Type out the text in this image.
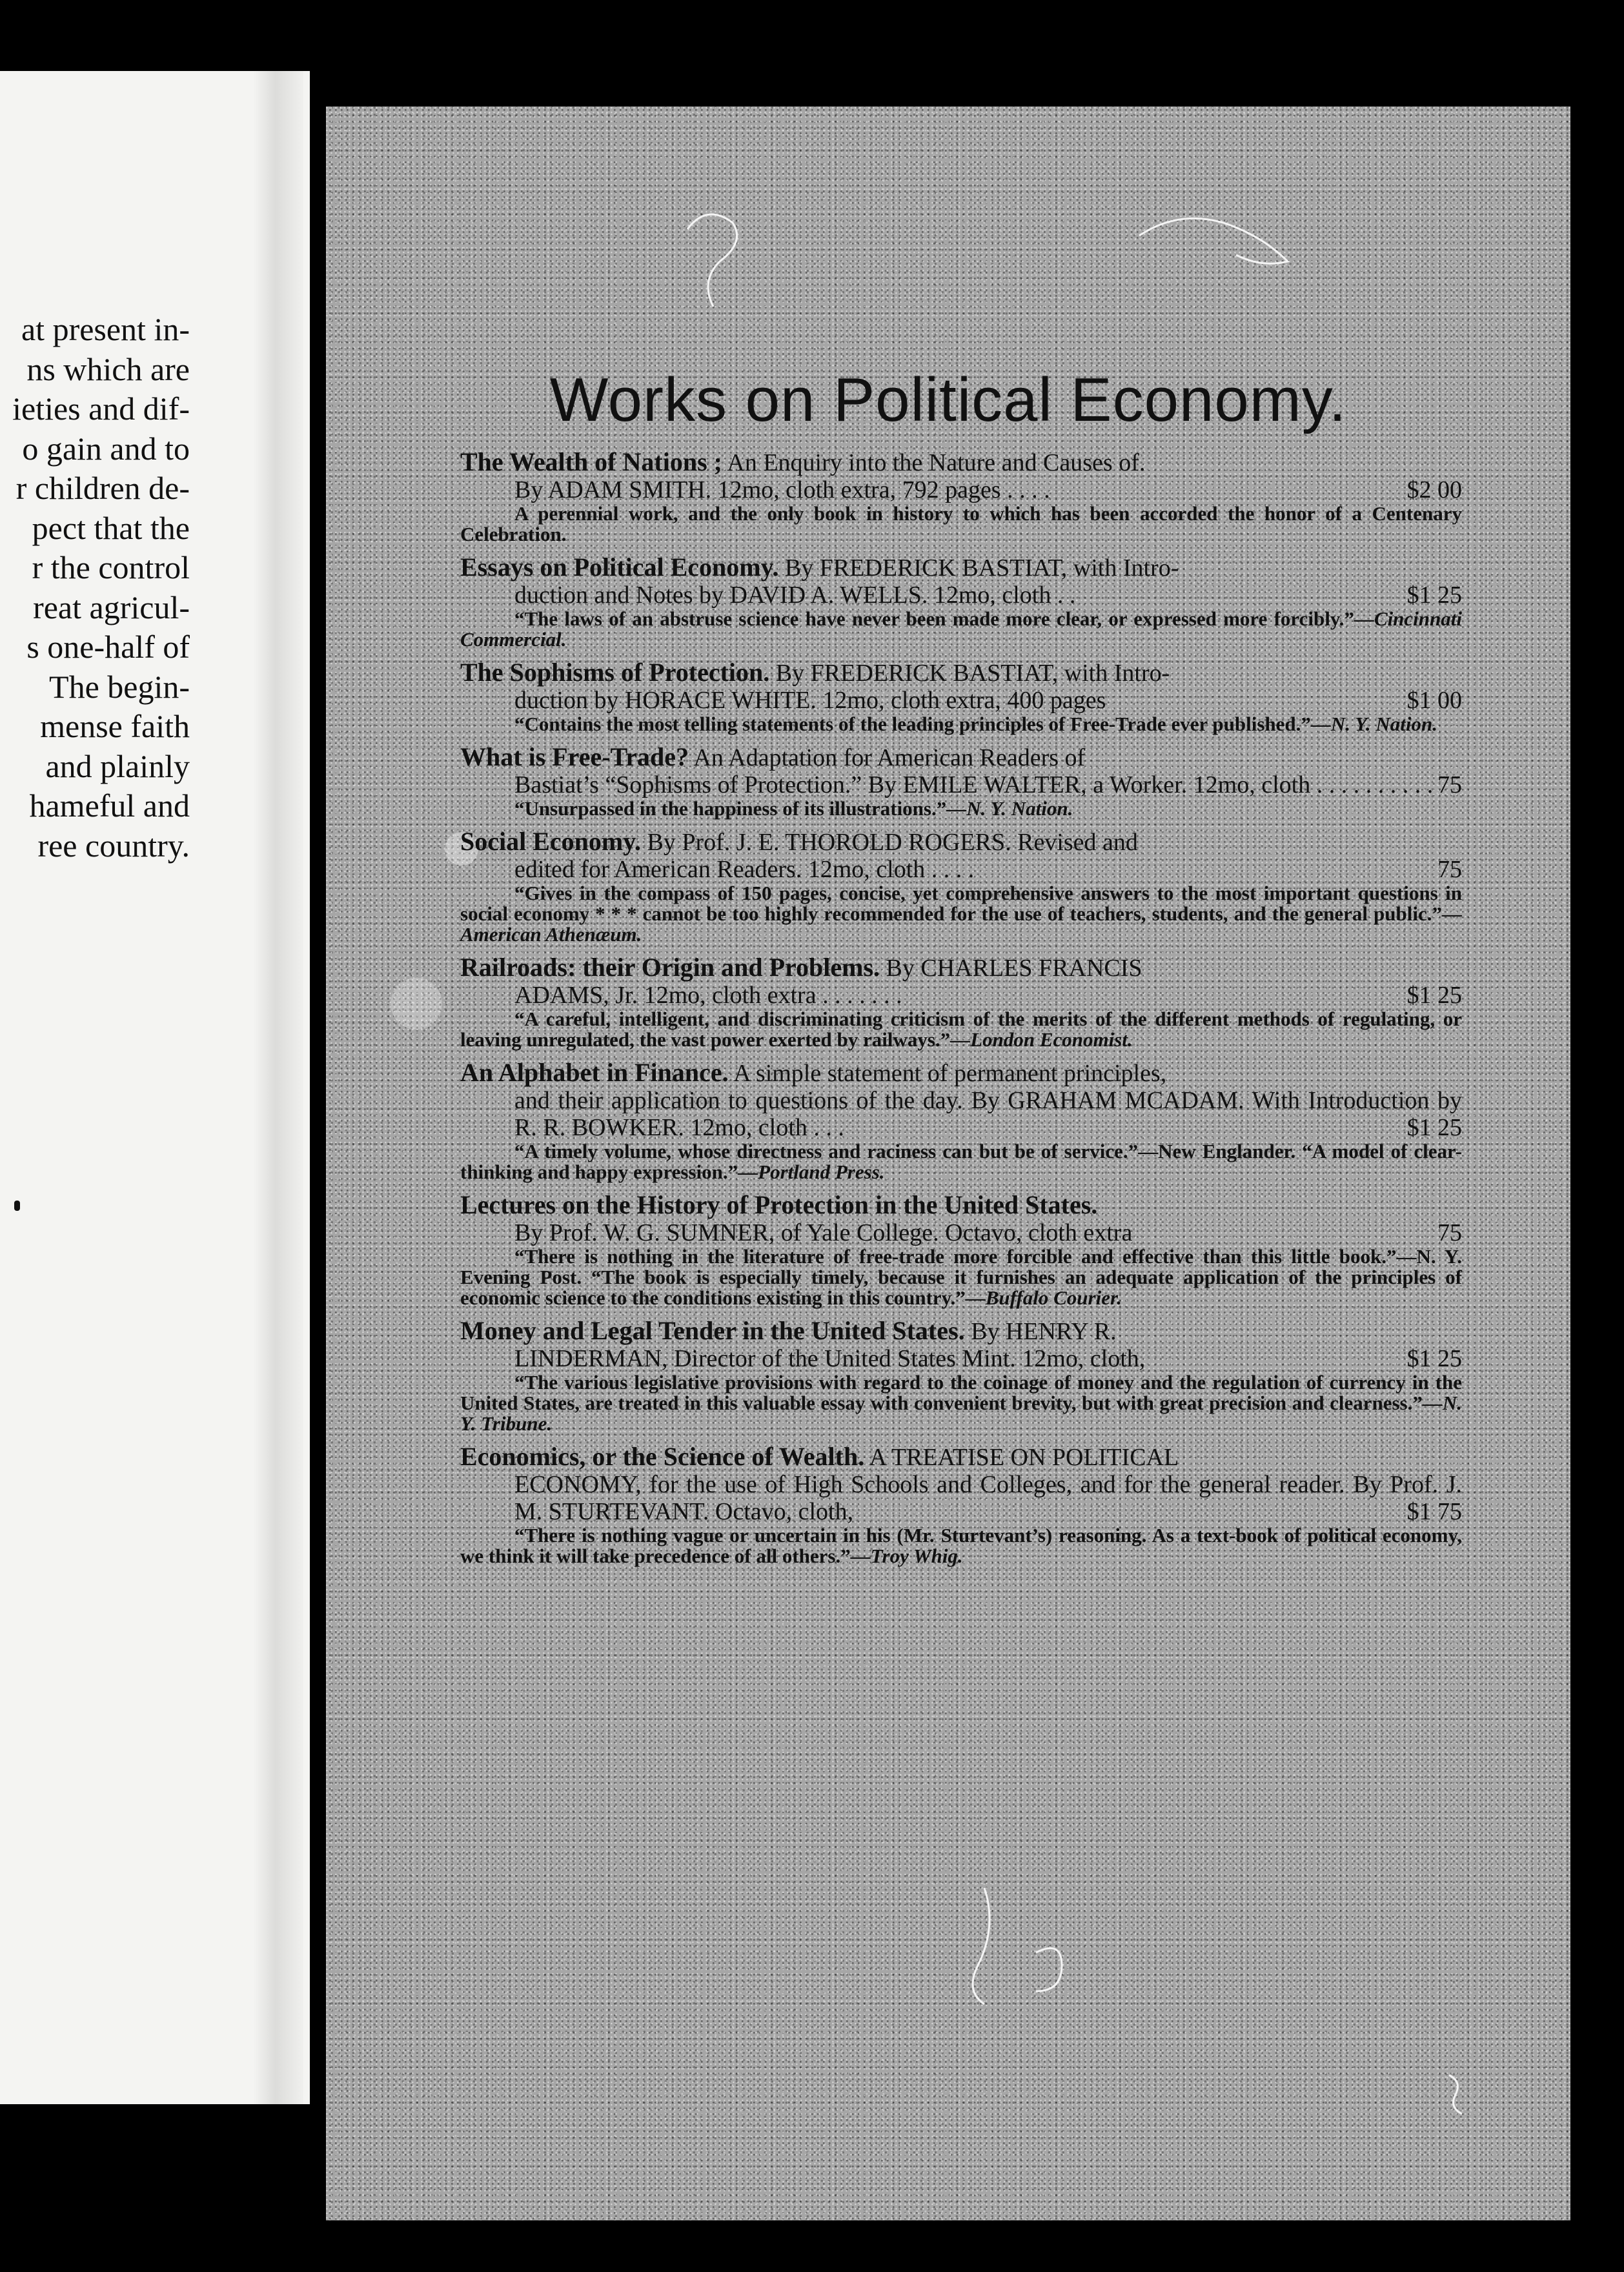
at present in-
ns which are
ieties and dif-
o gain and to
r children de-
pect that the
r the control
reat agricul-
s one-half of
The begin-
mense faith
and plainly
hameful and
ree country.
Works on Political Economy.
The Wealth of Nations ; An Enquiry into the Nature and Causes of.
By ADAM SMITH. 12mo, cloth extra, 792 pages . . . .	$2 00
A perennial work, and the only book in history to which has been accorded the honor of a Centenary Celebration.
Essays on Political Economy. By FREDERICK BASTIAT, with Intro-
duction and Notes by DAVID A. WELLS. 12mo, cloth . .	$1 25
“The laws of an abstruse science have never been made more clear, or expressed more forcibly.”—Cincinnati Commercial.
The Sophisms of Protection. By FREDERICK BASTIAT, with Intro-
duction by HORACE WHITE. 12mo, cloth extra, 400 pages	$1 00
“Contains the most telling statements of the leading principles of Free-Trade ever published.”—N. Y. Nation.
What is Free-Trade? An Adaptation for American Readers of
Bastiat’s “Sophisms of Protection.” By EMILE WALTER, a Worker. 12mo, cloth . . . . . . . . . . 75
“Unsurpassed in the happiness of its illustrations.”—N. Y. Nation.
Social Economy. By Prof. J. E. THOROLD ROGERS. Revised and
edited for American Readers. 12mo, cloth . . . .	75
“Gives in the compass of 150 pages, concise, yet comprehensive answers to the most important questions in social economy * * * cannot be too highly recommended for the use of teachers, students, and the general public.”—American Athenæum.
Railroads: their Origin and Problems. By CHARLES FRANCIS
ADAMS, Jr. 12mo, cloth extra . . . . . . .	$1 25
“A careful, intelligent, and discriminating criticism of the merits of the different methods of regulating, or leaving unregulated, the vast power exerted by railways.”—London Economist.
An Alphabet in Finance. A simple statement of permanent principles,
and their application to questions of the day. By GRAHAM MCADAM. With Introduction by R. R. BOWKER. 12mo, cloth . . .	$1 25
“A timely volume, whose directness and raciness can but be of service.”—New Englander. “A model of clear-thinking and happy expression.”—Portland Press.
Lectures on the History of Protection in the United States.
By Prof. W. G. SUMNER, of Yale College. Octavo, cloth extra	75
“There is nothing in the literature of free-trade more forcible and effective than this little book.”—N. Y. Evening Post. “The book is especially timely, because it furnishes an adequate application of the principles of economic science to the conditions existing in this country.”—Buffalo Courier.
Money and Legal Tender in the United States. By HENRY R.
LINDERMAN, Director of the United States Mint. 12mo, cloth,	$1 25
“The various legislative provisions with regard to the coinage of money and the regulation of currency in the United States, are treated in this valuable essay with convenient brevity, but with great precision and clearness.”—N. Y. Tribune.
Economics, or the Science of Wealth. A TREATISE ON POLITICAL
ECONOMY, for the use of High Schools and Colleges, and for the general reader. By Prof. J. M. STURTEVANT. Octavo, cloth,	$1 75
“There is nothing vague or uncertain in his (Mr. Sturtevant’s) reasoning. As a text-book of political economy, we think it will take precedence of all others.”—Troy Whig.
